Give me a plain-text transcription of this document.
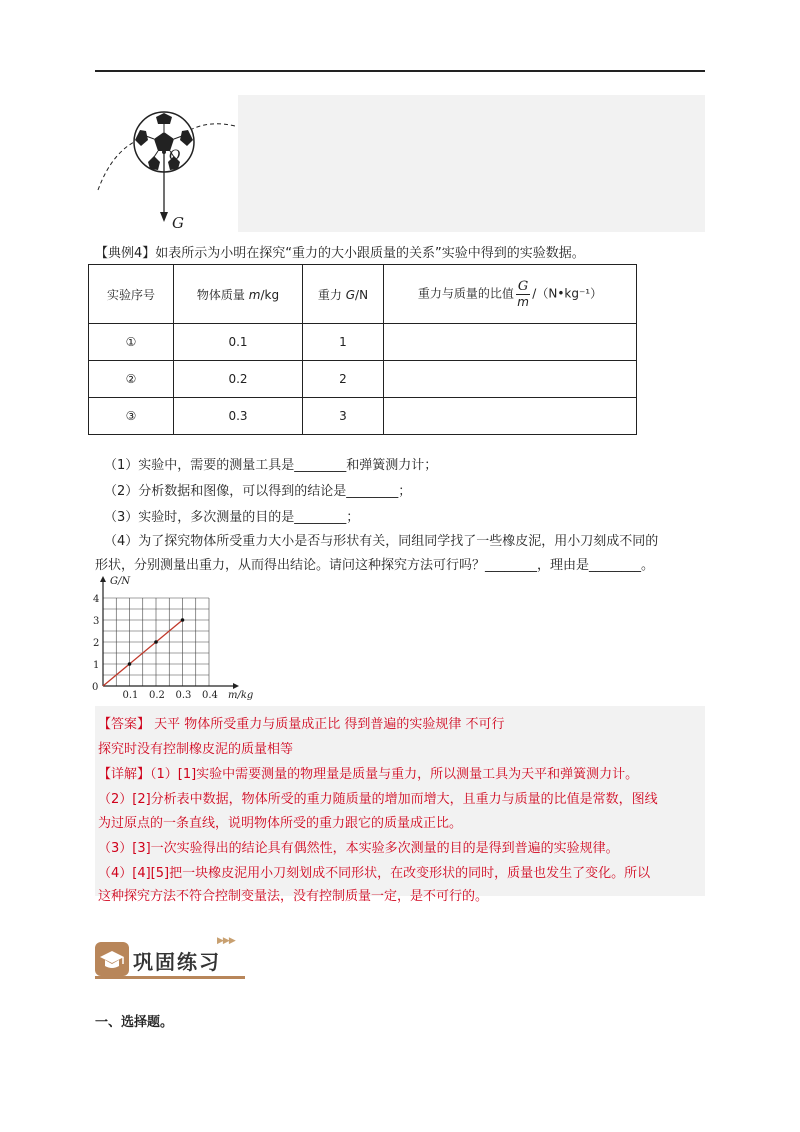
O
G
【典例4】如表所示为小明在探究“重力的大小跟质量的关系”实验中得到的实验数据。
实验序号	物体质量 m/kg	重力 G/N	重力与质量的比值 $\frac{G}{m}$ /（N•kg⁻¹）
①	0.1	1	
②	0.2	2	
③	0.3	3	
（1）实验中，需要的测量工具是________和弹簧测力计；
（2）分析数据和图像，可以得到的结论是________；
（3）实验时，多次测量的目的是________；
（4）为了探究物体所受重力大小是否与形状有关，同组同学找了一些橡皮泥，用小刀刻成不同的
形状，分别测量出重力，从而得出结论。请问这种探究方法可行吗？________，理由是________。
G/N
m/kg
0
0.1 0.2 0.3 0.4
1
2
3
4
【答案】 天平 物体所受重力与质量成正比 得到普遍的实验规律 不可行
探究时没有控制橡皮泥的质量相等
【详解】（1）[1]实验中需要测量的物理量是质量与重力，所以测量工具为天平和弹簧测力计。
（2）[2]分析表中数据，物体所受的重力随质量的增加而增大，且重力与质量的比值是常数，图线
为过原点的一条直线，说明物体所受的重力跟它的质量成正比。
（3）[3]一次实验得出的结论具有偶然性，本实验多次测量的目的是得到普遍的实验规律。
（4）[4][5]把一块橡皮泥用小刀刻划成不同形状，在改变形状的同时，质量也发生了变化。所以
这种探究方法不符合控制变量法，没有控制质量一定，是不可行的。
巩固练习
▶▶▶
一、选择题。
